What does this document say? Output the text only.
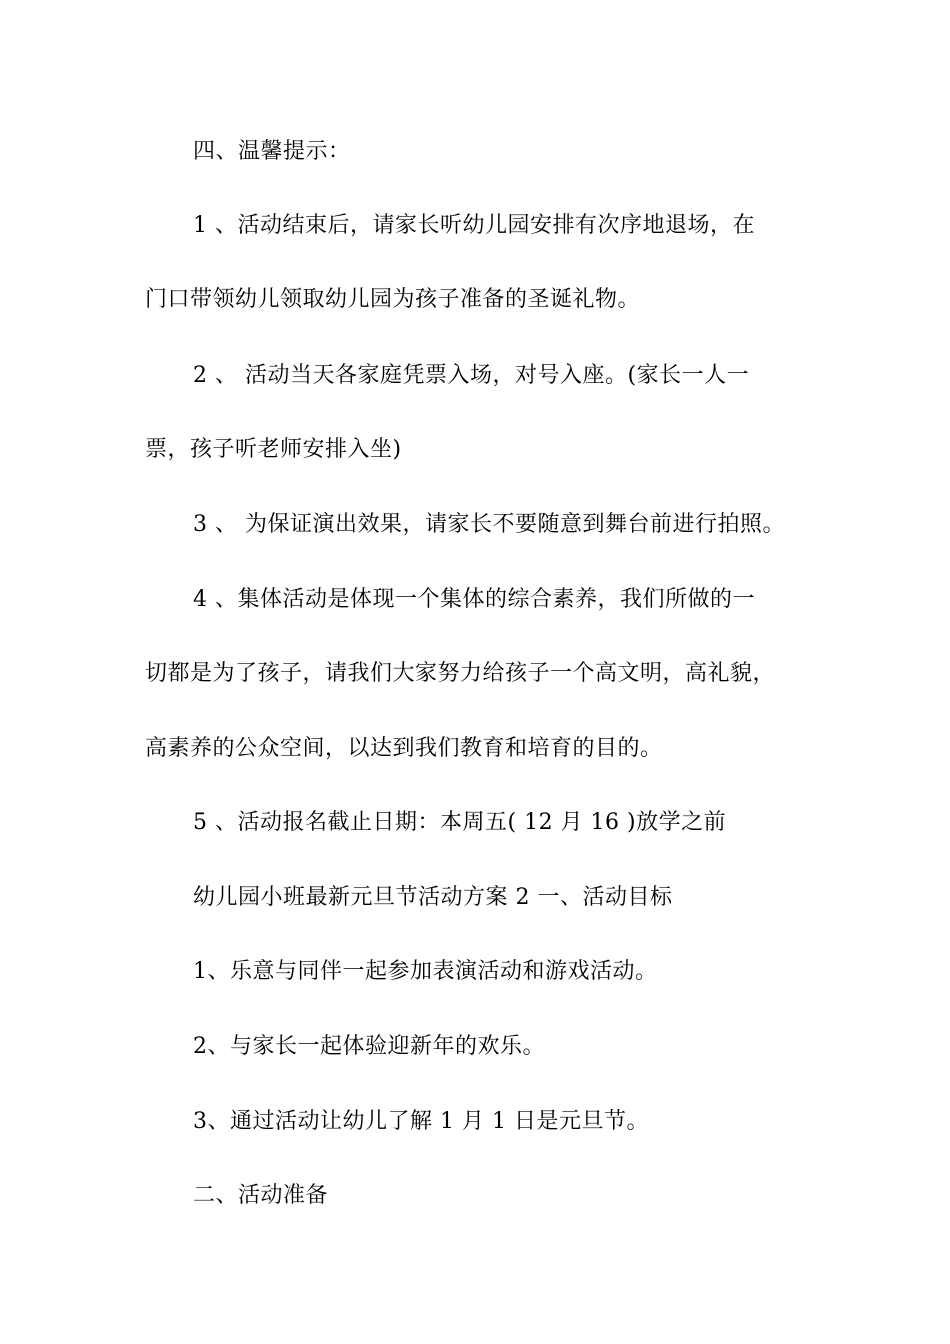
四、温馨提示：
1 、活动结束后，请家长听幼儿园安排有次序地退场，在
门口带领幼儿领取幼儿园为孩子准备的圣诞礼物。
2 、 活动当天各家庭凭票入场，对号入座。(家长一人一
票，孩子听老师安排入坐)
3 、 为保证演出效果，请家长不要随意到舞台前进行拍照。
4 、集体活动是体现一个集体的综合素养，我们所做的一
切都是为了孩子，请我们大家努力给孩子一个高文明，高礼貌，
高素养的公众空间，以达到我们教育和培育的目的。
5 、活动报名截止日期：本周五( 12 月 16 )放学之前
幼儿园小班最新元旦节活动方案 2 一、活动目标
1、乐意与同伴一起参加表演活动和游戏活动。
2、与家长一起体验迎新年的欢乐。
3、通过活动让幼儿了解 1 月 1 日是元旦节。
二、活动准备
